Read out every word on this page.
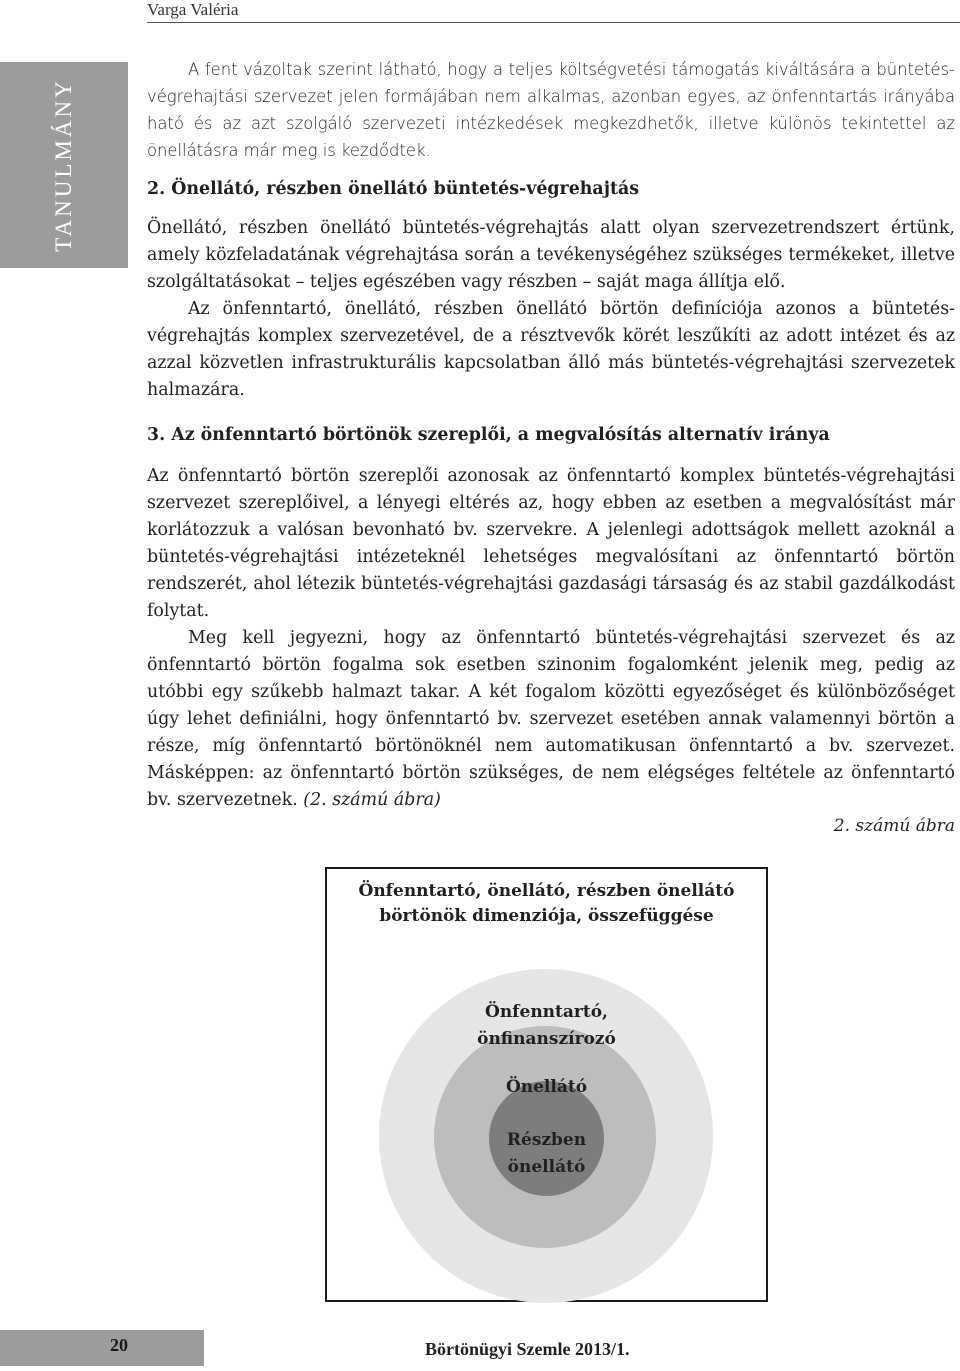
Varga Valéria
TANULMÁNY

A fent vázoltak szerint látható, hogy a teljes költségvetési támogatás kiváltására a büntetés-végrehajtási szervezet jelen formájában nem alkalmas, azonban egyes, az önfenntartás irányába ható és az azt szolgáló szervezeti intézkedések megkezdhetők, illetve különös tekintettel az önellátásra már meg is kezdődtek.

2. Önellátó, részben önellátó büntetés-végrehajtás

Önellátó, részben önellátó büntetés-végrehajtás alatt olyan szervezetrendszert értünk, amely közfeladatának végrehajtása során a tevékenységéhez szükséges termékeket, illetve szolgáltatásokat – teljes egészében vagy részben – saját maga állítja elő.

Az önfenntartó, önellátó, részben önellátó börtön definíciója azonos a büntetés-végrehajtás komplex szervezetével, de a résztvevők körét leszűkíti az adott intézet és az azzal közvetlen infrastrukturális kapcsolatban álló más büntetés-végrehajtási szervezetek halmazára.

3. Az önfenntartó börtönök szereplői, a megvalósítás alternatív iránya

Az önfenntartó börtön szereplői azonosak az önfenntartó komplex büntetés-végrehajtási szervezet szereplőivel, a lényegi eltérés az, hogy ebben az esetben a megvalósítást már korlátozzuk a valósan bevonható bv. szervekre. A jelenlegi adottságok mellett azoknál a büntetés-végrehajtási intézeteknél lehetséges megvalósítani az önfenntartó börtön rendszerét, ahol létezik büntetés-végrehajtási gazdasági társaság és az stabil gazdálkodást folytat.

Meg kell jegyezni, hogy az önfenntartó büntetés-végrehajtási szervezet és az önfenntartó börtön fogalma sok esetben szinonim fogalomként jelenik meg, pedig az utóbbi egy szűkebb halmazt takar. A két fogalom közötti egyezőséget és különbözőséget úgy lehet definiálni, hogy önfenntartó bv. szervezet esetében annak valamennyi börtön a része, míg önfenntartó börtönöknél nem automatikusan önfenntartó a bv. szervezet. Másképpen: az önfenntartó börtön szükséges, de nem elégséges feltétele az önfenntartó bv. szervezetnek. (2. számú ábra)

2. számú ábra
Önfenntartó, önellátó, részben önellátó
börtönök dimenziója, összefüggése
Önfenntartó,
önfinanszírozó
Önellátó
Részben
önellátó
20	Börtönügyi Szemle 2013/1.
